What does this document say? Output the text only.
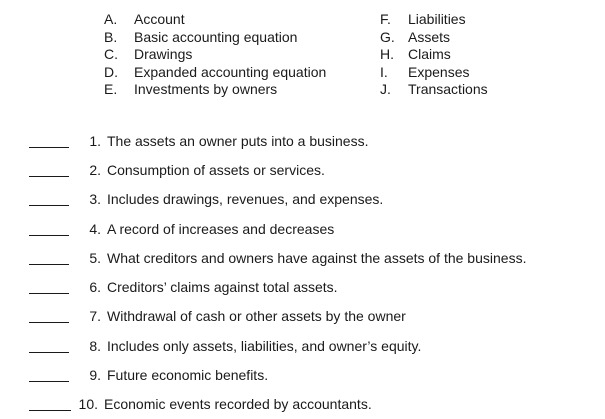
A.	Account
B.	Basic accounting equation
C.	Drawings
D.	Expanded accounting equation
E.	Investments by owners
F.	Liabilities
G. Assets
H.	Claims
I.	Expenses
J.	Transactions
1. The assets an owner puts into a business.
2. Consumption of assets or services.
3. Includes drawings, revenues, and expenses.
4. A record of increases and decreases
5. What creditors and owners have against the assets of the business.
6. Creditors’ claims against total assets.
7. Withdrawal of cash or other assets by the owner
8. Includes only assets, liabilities, and owner’s equity.
9. Future economic benefits.
10. Economic events recorded by accountants.
